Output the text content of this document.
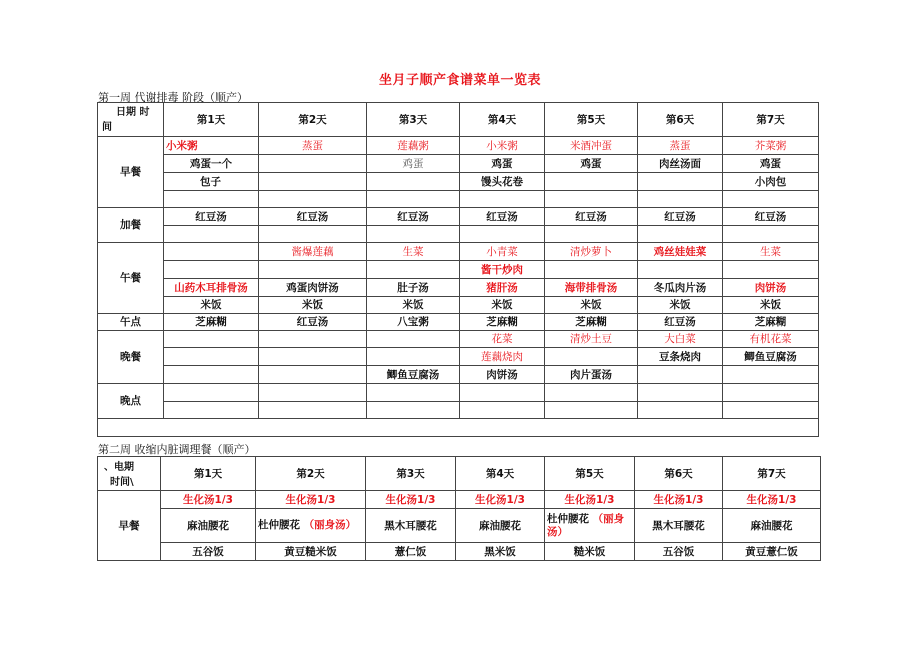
坐月子顺产食谱菜单一览表
第一周 代谢排毒 阶段（顺产）
日期 时
间	第1天	第2天	第3天	第4天	第5天	第6天	第7天
早餐	小米粥	蒸蛋	莲藕粥	小米粥	米酒冲蛋	蒸蛋	芥菜粥
	鸡蛋一个		鸡蛋	鸡蛋	鸡蛋	肉丝汤面	鸡蛋
	包子			馒头花卷			小肉包

加餐	红豆汤	红豆汤	红豆汤	红豆汤	红豆汤	红豆汤	红豆汤

午餐		酱爆莲藕	生菜	小青菜	清炒萝卜	鸡丝娃娃菜	生菜
				酱干炒肉			
	山药木耳排骨汤	鸡蛋肉饼汤	肚子汤	猪肝汤	海带排骨汤	冬瓜肉片汤	肉饼汤
	米饭	米饭	米饭	米饭	米饭	米饭	米饭
午点	芝麻糊	红豆汤	八宝粥	芝麻糊	芝麻糊	红豆汤	芝麻糊
晚餐				花菜	清炒土豆	大白菜	有机花菜
				莲藕烧肉		豆条烧肉	鲫鱼豆腐汤
			鲫鱼豆腐汤	肉饼汤	肉片蛋汤		
晚点							

第二周 收缩内脏调理餐（顺产）
、电期
时间\	第1天	第2天	第3天	第4天	第5天	第6天	第7天
早餐	生化汤1/3	生化汤1/3	生化汤1/3	生化汤1/3	生化汤1/3	生化汤1/3	生化汤1/3
	麻油腰花	杜仲腰花 （丽身汤）	黑木耳腰花	麻油腰花	杜仲腰花 （丽身汤）	黑木耳腰花	麻油腰花
	五谷饭	黄豆糙米饭	薏仁饭	黑米饭	糙米饭	五谷饭	黄豆薏仁饭
